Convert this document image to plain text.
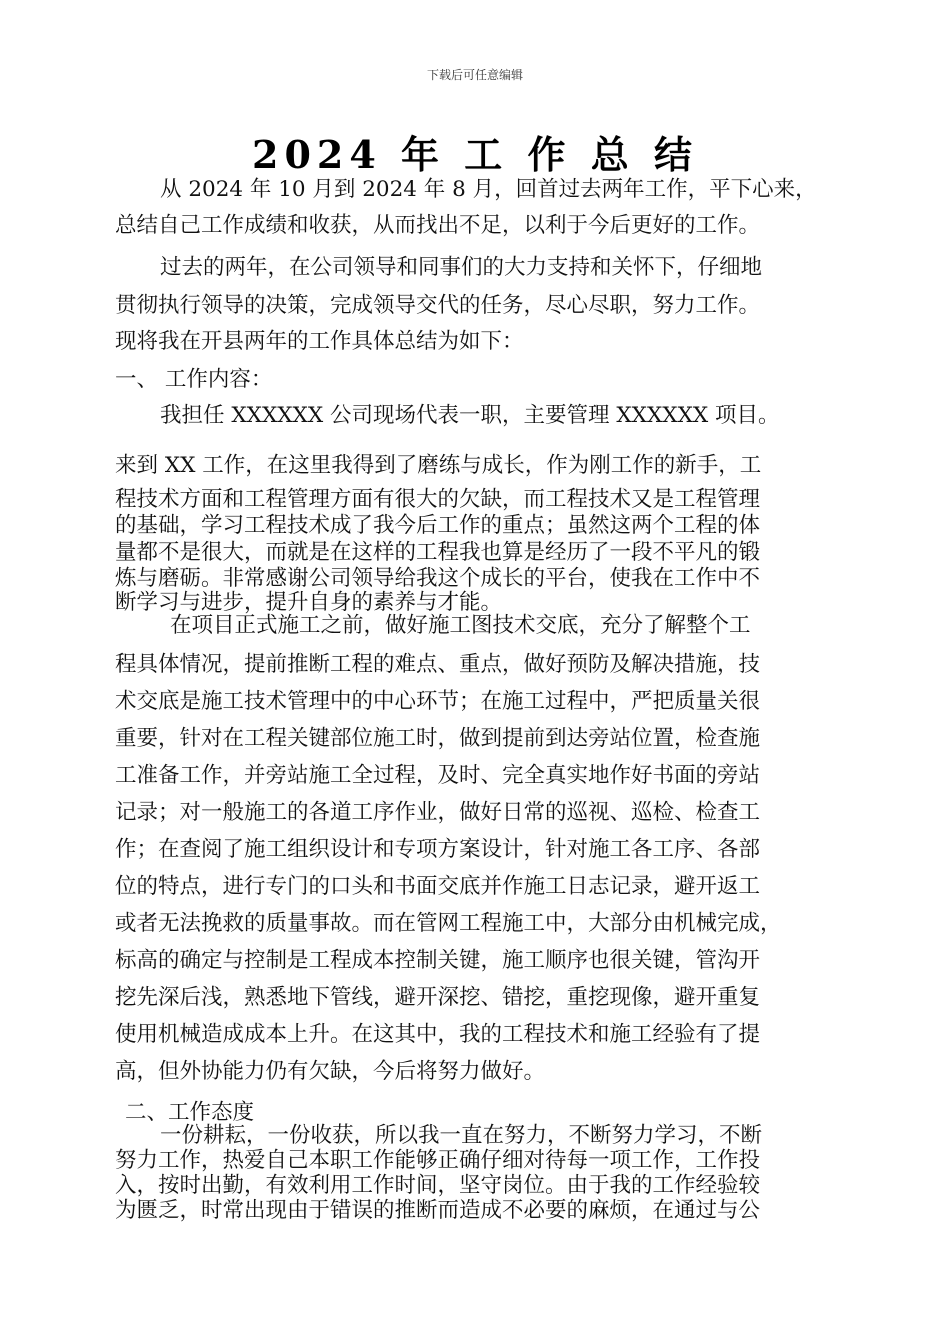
下载后可任意编辑
2024 年 工 作 总 结
从 2024 年 10 月到 2024 年 8 月，回首过去两年工作，平下心来，
总结自己工作成绩和收获，从而找出不足，以利于今后更好的工作。
过去的两年，在公司领导和同事们的大力支持和关怀下，仔细地
贯彻执行领导的决策，完成领导交代的任务，尽心尽职，努力工作。
现将我在开县两年的工作具体总结为如下：
一、 工作内容：
我担任 XXXXXX 公司现场代表一职，主要管理 XXXXXX 项目。
来到 XX 工作，在这里我得到了磨练与成长，作为刚工作的新手，工
程技术方面和工程管理方面有很大的欠缺，而工程技术又是工程管理
的基础，学习工程技术成了我今后工作的重点；虽然这两个工程的体
量都不是很大，而就是在这样的工程我也算是经历了一段不平凡的锻
炼与磨砺。非常感谢公司领导给我这个成长的平台，使我在工作中不
断学习与进步，提升自身的素养与才能。
在项目正式施工之前，做好施工图技术交底，充分了解整个工
程具体情况，提前推断工程的难点、重点，做好预防及解决措施，技
术交底是施工技术管理中的中心环节；在施工过程中，严把质量关很
重要，针对在工程关键部位施工时，做到提前到达旁站位置，检查施
工准备工作，并旁站施工全过程，及时、完全真实地作好书面的旁站
记录；对一般施工的各道工序作业，做好日常的巡视、巡检、检查工
作；在查阅了施工组织设计和专项方案设计，针对施工各工序、各部
位的特点，进行专门的口头和书面交底并作施工日志记录，避开返工
或者无法挽救的质量事故。而在管网工程施工中，大部分由机械完成，
标高的确定与控制是工程成本控制关键，施工顺序也很关键，管沟开
挖先深后浅，熟悉地下管线，避开深挖、错挖，重挖现像，避开重复
使用机械造成成本上升。在这其中，我的工程技术和施工经验有了提
高，但外协能力仍有欠缺，今后将努力做好。
二、工作态度
一份耕耘，一份收获，所以我一直在努力，不断努力学习，不断
努力工作，热爱自己本职工作能够正确仔细对待每一项工作，工作投
入，按时出勤，有效利用工作时间，坚守岗位。由于我的工作经验较
为匮乏，时常出现由于错误的推断而造成不必要的麻烦，在通过与公
